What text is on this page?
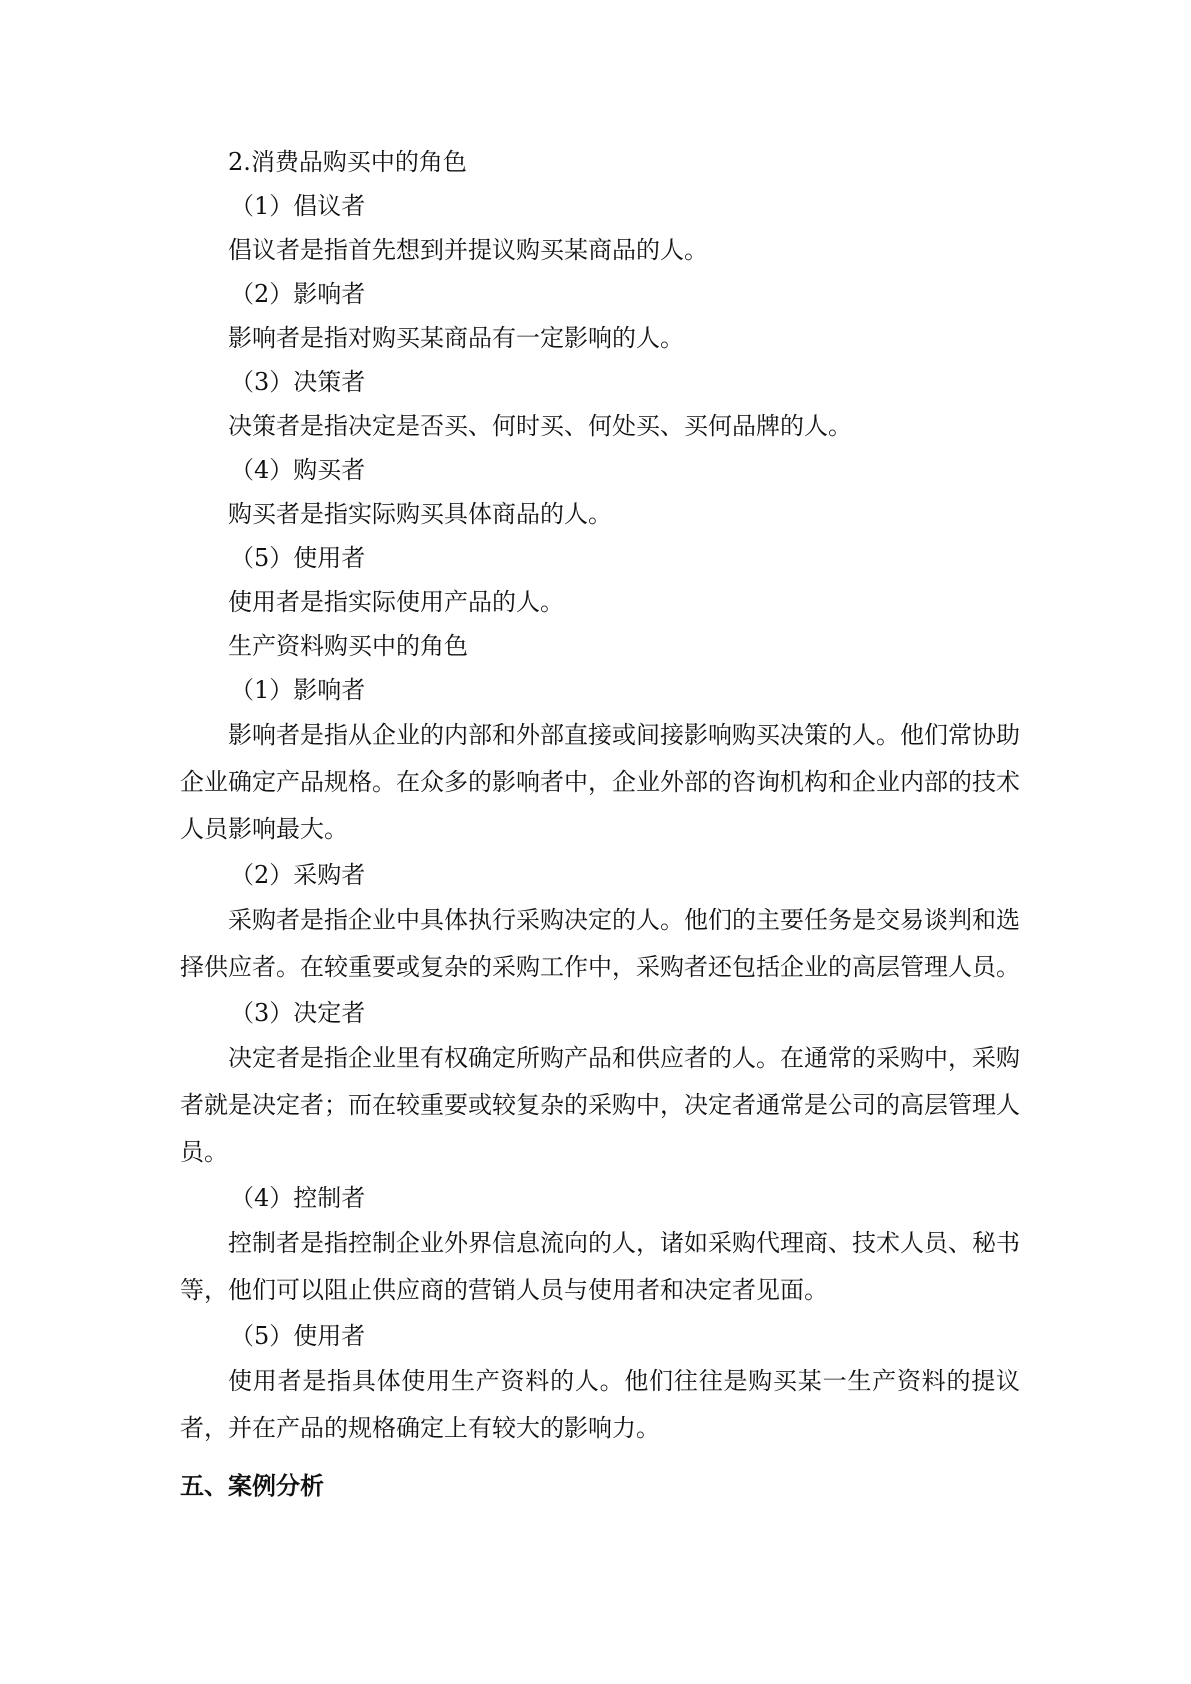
2.消费品购买中的角色

（1）倡议者

倡议者是指首先想到并提议购买某商品的人。

（2）影响者

影响者是指对购买某商品有一定影响的人。

（3）决策者

决策者是指决定是否买、何时买、何处买、买何品牌的人。

（4）购买者

购买者是指实际购买具体商品的人。

（5）使用者

使用者是指实际使用产品的人。

生产资料购买中的角色

（1）影响者

影响者是指从企业的内部和外部直接或间接影响购买决策的人。他们常协助企业确定产品规格。在众多的影响者中，企业外部的咨询机构和企业内部的技术人员影响最大。

（2）采购者

采购者是指企业中具体执行采购决定的人。他们的主要任务是交易谈判和选择供应者。在较重要或复杂的采购工作中，采购者还包括企业的高层管理人员。

（3）决定者

决定者是指企业里有权确定所购产品和供应者的人。在通常的采购中，采购者就是决定者；而在较重要或较复杂的采购中，决定者通常是公司的高层管理人员。

（4）控制者

控制者是指控制企业外界信息流向的人，诸如采购代理商、技术人员、秘书等，他们可以阻止供应商的营销人员与使用者和决定者见面。

（5）使用者

使用者是指具体使用生产资料的人。他们往往是购买某一生产资料的提议者，并在产品的规格确定上有较大的影响力。

五、案例分析
